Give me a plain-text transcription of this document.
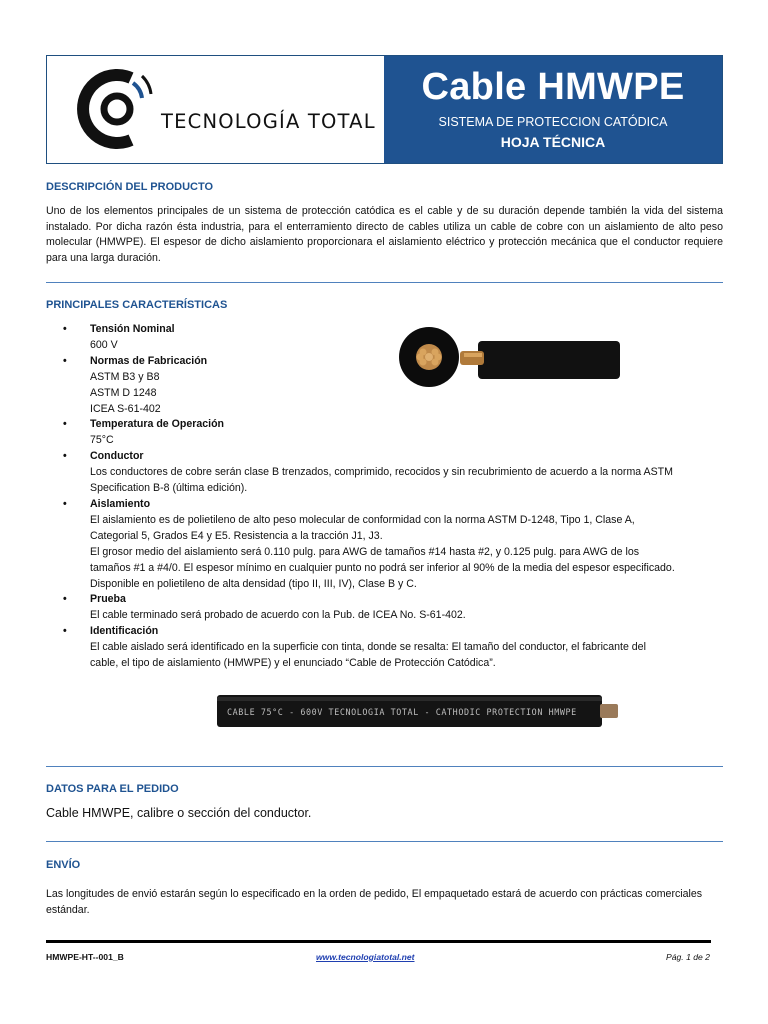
TECNOLOGÍA TOTAL
Cable HMWPE
SISTEMA DE PROTECCION CATÓDICA
HOJA TÉCNICA
DESCRIPCIÓN DEL PRODUCTO
Uno de los elementos principales de un sistema de protección catódica es el cable y de su duración depende también la vida del sistema instalado. Por dicha razón ésta industria, para el enterramiento directo de cables utiliza un cable de cobre con un aislamiento de alto peso molecular (HMWPE). El espesor de dicho aislamiento proporcionara el aislamiento eléctrico y protección mecánica que el conductor requiere para una larga duración.
PRINCIPALES CARACTERÍSTICAS
• Tensión Nominal
600 V
• Normas de Fabricación
ASTM B3 y B8
ASTM D 1248
ICEA S-61-402
• Temperatura de Operación
75°C
• Conductor
Los conductores de cobre serán clase B trenzados, comprimido, recocidos y sin recubrimiento de acuerdo a la norma ASTM
Specification B-8 (última edición).
• Aislamiento
El aislamiento es de polietileno de alto peso molecular de conformidad con la norma ASTM D-1248, Tipo 1, Clase A,
Categorial 5, Grados E4 y E5. Resistencia a la tracción J1, J3.
El grosor medio del aislamiento será 0.110 pulg. para AWG de tamaños #14 hasta #2, y 0.125 pulg. para AWG de los
tamaños #1 a #4/0. El espesor mínimo en cualquier punto no podrá ser inferior al 90% de la media del espesor especificado.
Disponible en polietileno de alta densidad (tipo II, III, IV), Clase B y C.
• Prueba
El cable terminado será probado de acuerdo con la Pub. de ICEA No. S-61-402.
• Identificación
El cable aislado será identificado en la superficie con tinta, donde se resalta: El tamaño del conductor, el fabricante del
cable, el tipo de aislamiento (HMWPE) y el enunciado “Cable de Protección Catódica”.
CABLE 75°C - 600V TECNOLOGIA TOTAL - CATHODIC PROTECTION HMWPE
DATOS PARA EL PEDIDO
Cable HMWPE, calibre o sección del conductor.
ENVÍO
Las longitudes de envió estarán según lo especificado en la orden de pedido, El empaquetado estará de acuerdo con prácticas comerciales estándar.
HMWPE-HT--001_B	www.tecnologiatotal.net	Pág. 1 de 2
